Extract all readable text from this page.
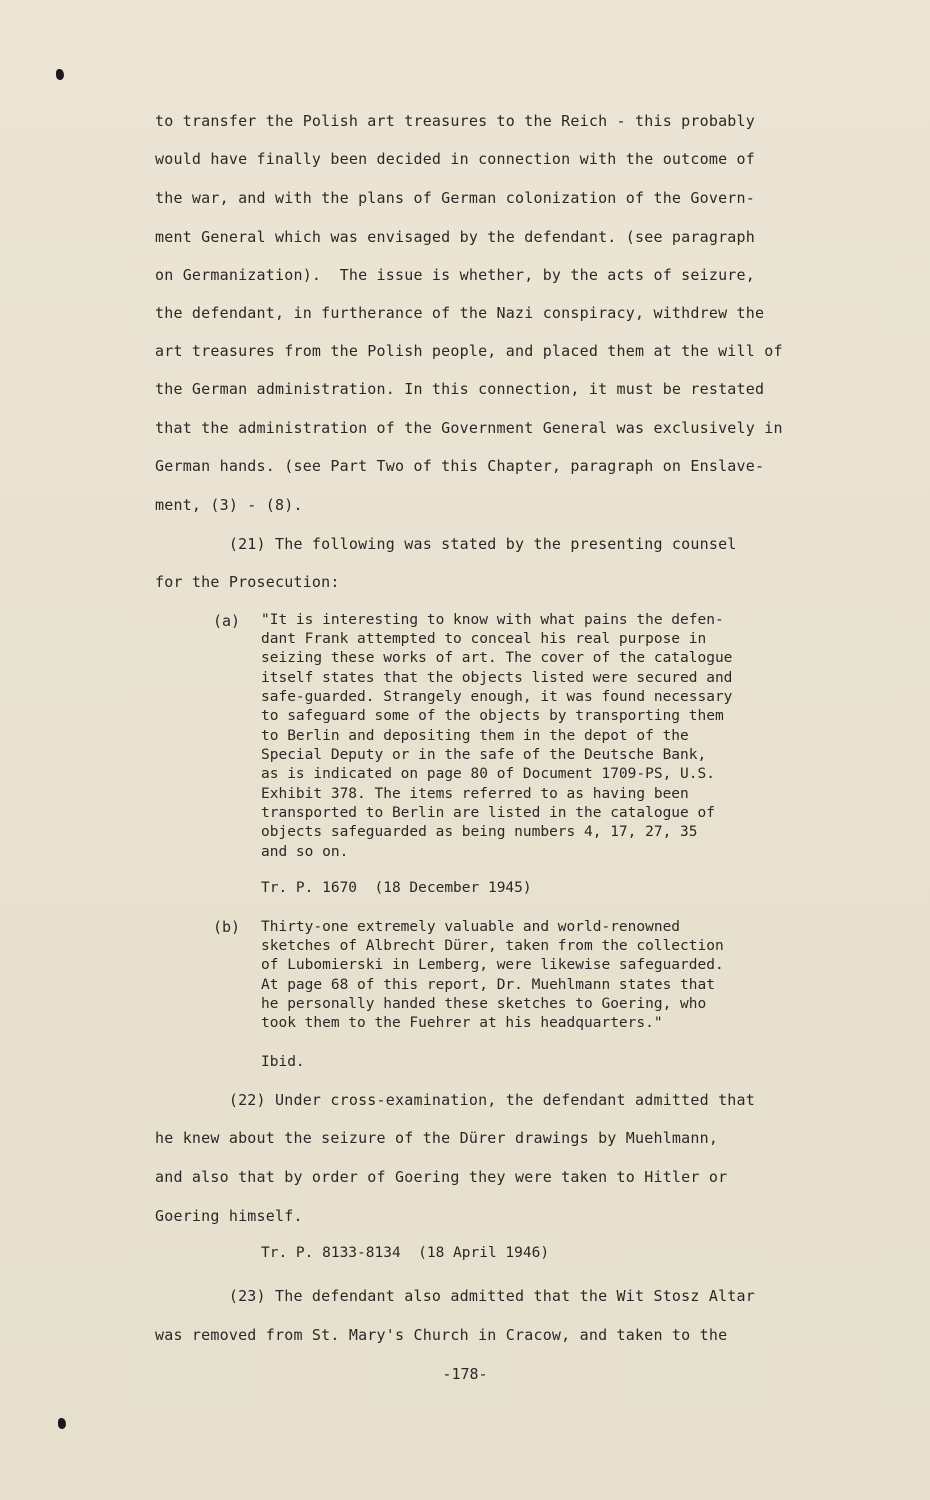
to transfer the Polish art treasures to the Reich - this probably
would have finally been decided in connection with the outcome of
the war, and with the plans of German colonization of the Govern-
ment General which was envisaged by the defendant. (see paragraph
on Germanization).  The issue is whether, by the acts of seizure,
the defendant, in furtherance of the Nazi conspiracy, withdrew the
art treasures from the Polish people, and placed them at the will of
the German administration. In this connection, it must be restated
that the administration of the Government General was exclusively in
German hands. (see Part Two of this Chapter, paragraph on Enslave-
ment, (3) - (8).
(21) The following was stated by the presenting counsel
for the Prosecution:
(a) "It is interesting to know with what pains the defen-
dant Frank attempted to conceal his real purpose in
seizing these works of art. The cover of the catalogue
itself states that the objects listed were secured and
safe-guarded. Strangely enough, it was found necessary
to safeguard some of the objects by transporting them
to Berlin and depositing them in the depot of the
Special Deputy or in the safe of the Deutsche Bank,
as is indicated on page 80 of Document 1709-PS, U.S.
Exhibit 378. The items referred to as having been
transported to Berlin are listed in the catalogue of
objects safeguarded as being numbers 4, 17, 27, 35
and so on.
Tr. P. 1670  (18 December 1945)
(b) Thirty-one extremely valuable and world-renowned
sketches of Albrecht Dürer, taken from the collection
of Lubomierski in Lemberg, were likewise safeguarded.
At page 68 of this report, Dr. Muehlmann states that
he personally handed these sketches to Goering, who
took them to the Fuehrer at his headquarters."
Ibid.
(22) Under cross-examination, the defendant admitted that
he knew about the seizure of the Dürer drawings by Muehlmann,
and also that by order of Goering they were taken to Hitler or
Goering himself.
Tr. P. 8133-8134  (18 April 1946)
(23) The defendant also admitted that the Wit Stosz Altar
was removed from St. Mary's Church in Cracow, and taken to the
-178-
